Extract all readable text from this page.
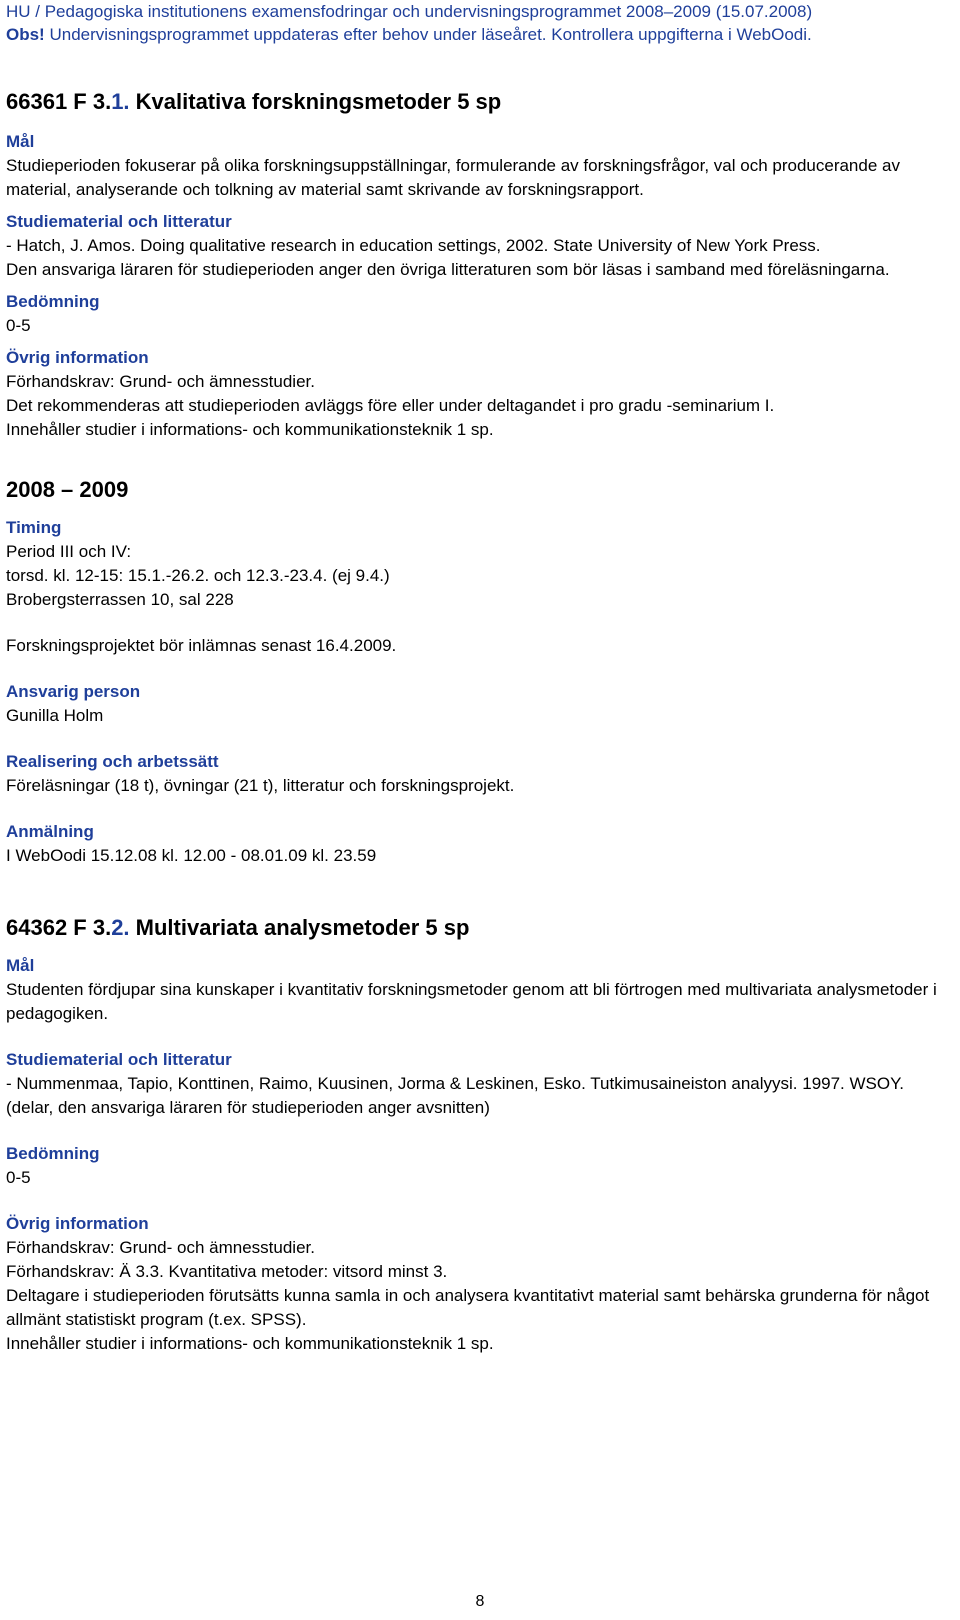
HU / Pedagogiska institutionens examensfodringar och undervisningsprogrammet 2008–2009 (15.07.2008)
Obs! Undervisningsprogrammet uppdateras efter behov under läseåret. Kontrollera uppgifterna i WebOodi.
66361 F 3.1. Kvalitativa forskningsmetoder 5 sp
Mål
Studieperioden fokuserar på olika forskningsuppställningar, formulerande av forskningsfrågor, val och producerande av material, analyserande och tolkning av material samt skrivande av forskningsrapport.
Studiematerial och litteratur
- Hatch, J. Amos. Doing qualitative research in education settings, 2002. State University of New York Press.
Den ansvariga läraren för studieperioden anger den övriga litteraturen som bör läsas i samband med föreläsningarna.
Bedömning
0-5
Övrig information
Förhandskrav: Grund- och ämnesstudier.
Det rekommenderas att studieperioden avläggs före eller under deltagandet i pro gradu -seminarium I.
Innehåller studier i informations- och kommunikationsteknik 1 sp.
2008 – 2009
Timing
Period III och IV:
torsd. kl. 12-15: 15.1.-26.2. och 12.3.-23.4. (ej 9.4.)
Brobergsterrassen 10, sal 228
Forskningsprojektet bör inlämnas senast 16.4.2009.
Ansvarig person
Gunilla Holm
Realisering och arbetssätt
Föreläsningar (18 t), övningar (21 t), litteratur och forskningsprojekt.
Anmälning
I WebOodi 15.12.08 kl. 12.00 - 08.01.09 kl. 23.59
64362 F 3.2. Multivariata analysmetoder 5 sp
Mål
Studenten fördjupar sina kunskaper i kvantitativ forskningsmetoder genom att bli förtrogen med multivariata analysmetoder i pedagogiken.
Studiematerial och litteratur
- Nummenmaa, Tapio, Konttinen, Raimo, Kuusinen, Jorma & Leskinen, Esko. Tutkimusaineiston analyysi. 1997. WSOY. (delar, den ansvariga läraren för studieperioden anger avsnitten)
Bedömning
0-5
Övrig information
Förhandskrav: Grund- och ämnesstudier.
Förhandskrav: Ä 3.3. Kvantitativa metoder: vitsord minst 3.
Deltagare i studieperioden förutsätts kunna samla in och analysera kvantitativt material samt behärska grunderna för något allmänt statistiskt program (t.ex. SPSS).
Innehåller studier i informations- och kommunikationsteknik 1 sp.
8
